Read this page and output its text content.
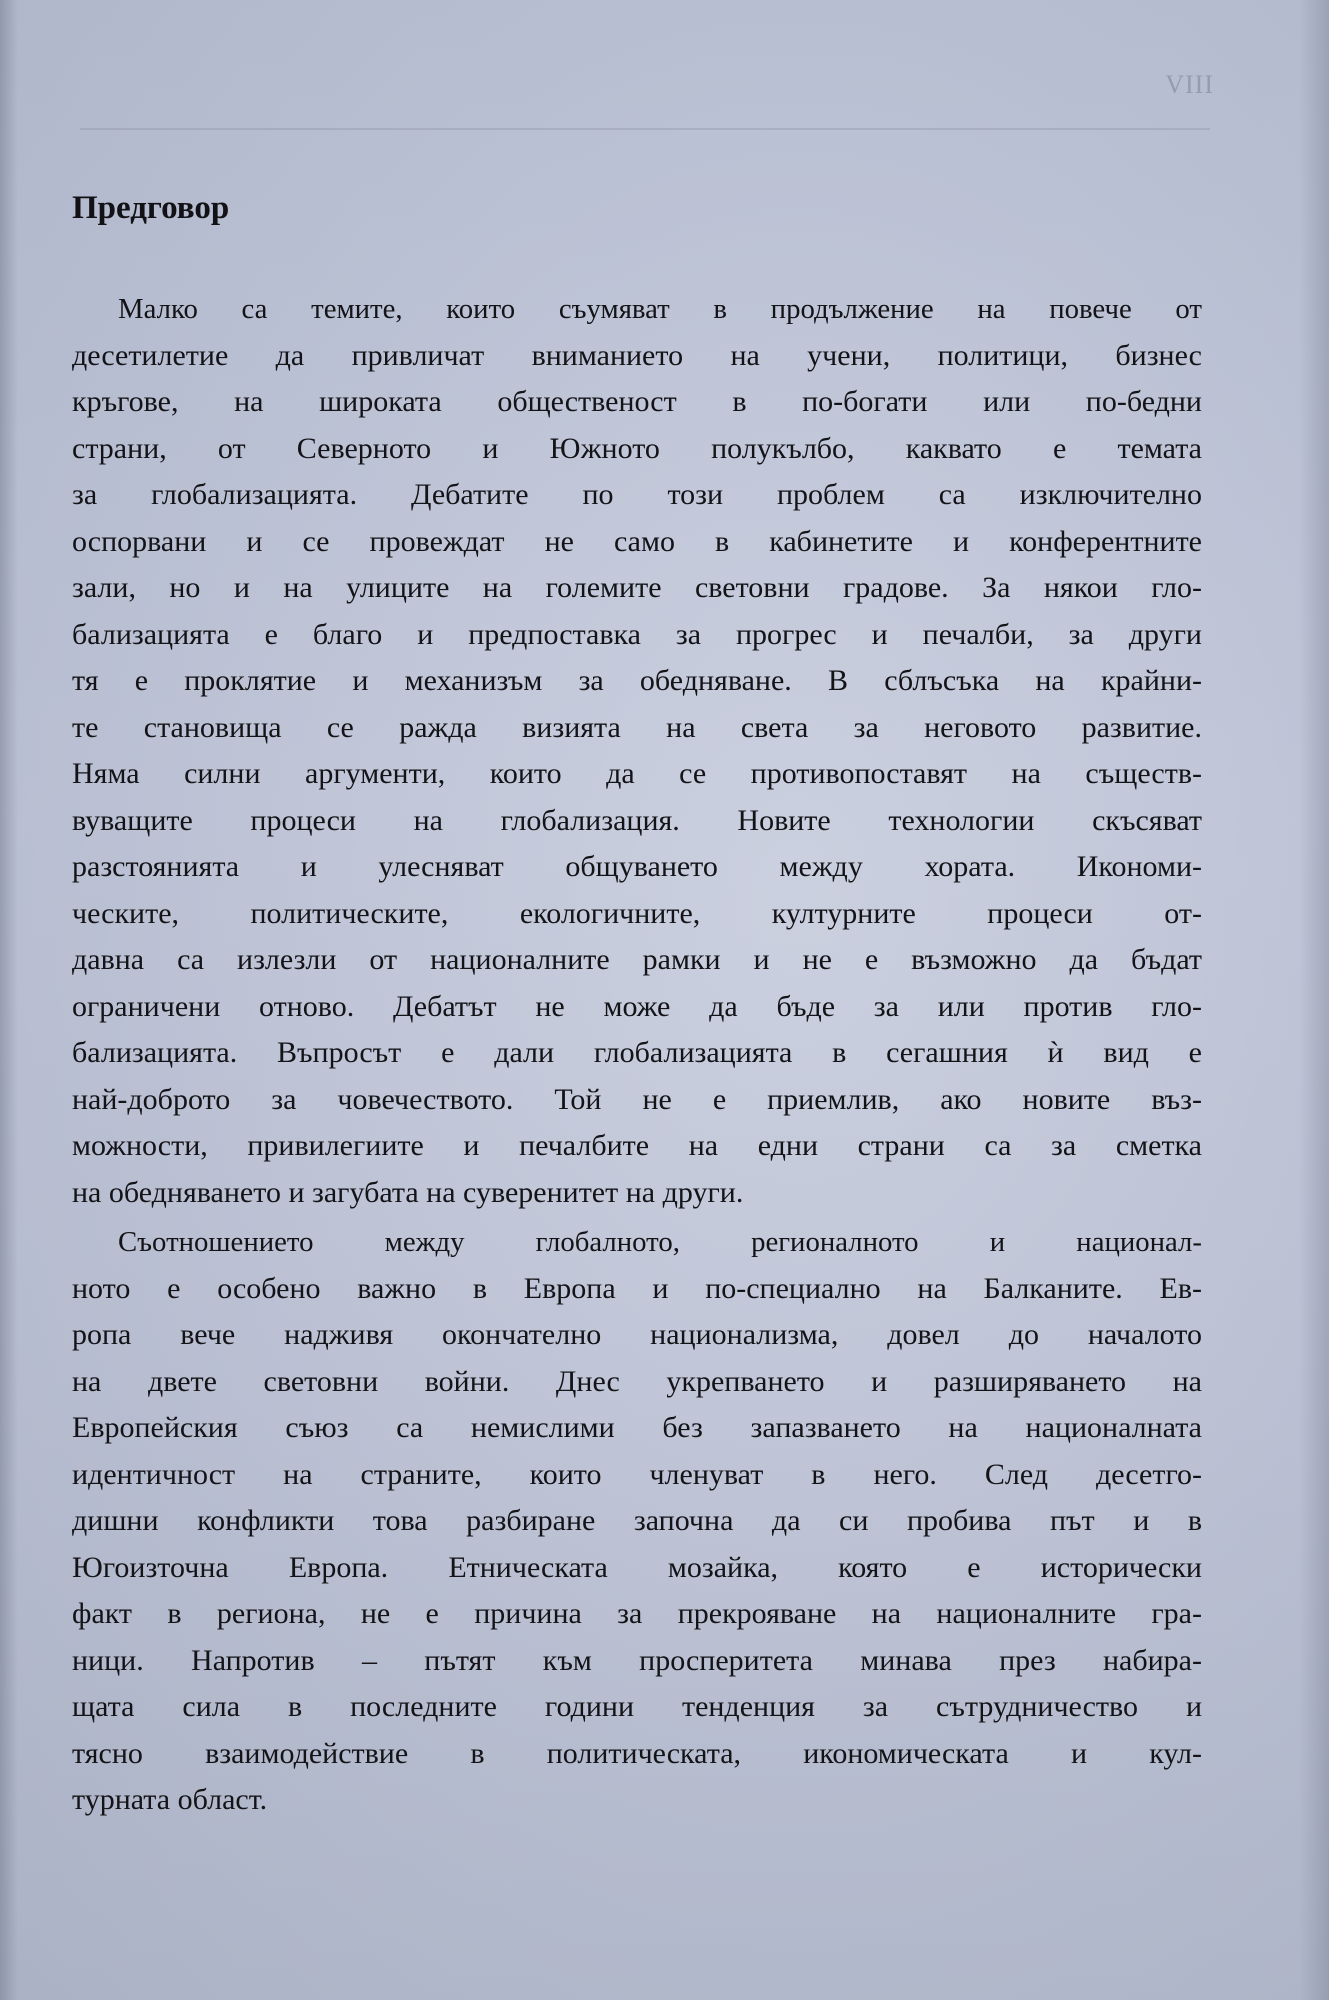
VIII
Предговор

Малко са темите, които съумяват в продължение на повече от
десетилетие да привличат вниманието на учени, политици, бизнес
кръгове, на широката общественост в по-богати или по-бедни
страни, от Северното и Южното полукълбо, каквато е темата
за глобализацията. Дебатите по този проблем са изключително
оспорвани и се провеждат не само в кабинетите и конферентните
зали, но и на улиците на големите световни градове. За някои гло-
бализацията е благо и предпоставка за прогрес и печалби, за други
тя е проклятие и механизъм за обедняване. В сблъсъка на крайни-
те становища се ражда визията на света за неговото развитие.
Няма силни аргументи, които да се противопоставят на съществ-
вуващите процеси на глобализация. Новите технологии скъсяват
разстоянията и улесняват общуването между хората. Икономи-
ческите, политическите, екологичните, културните процеси от-
давна са излезли от националните рамки и не е възможно да бъдат
ограничени отново. Дебатът не може да бъде за или против гло-
бализацията. Въпросът е дали глобализацията в сегашния ѝ вид е
най-доброто за човечеството. Той не е приемлив, ако новите въз-
можности, привилегиите и печалбите на едни страни са за сметка
на обедняването и загубата на суверенитет на други.

Съотношението между глобалното, регионалното и национал-
ното е особено важно в Европа и по-специално на Балканите. Ев-
ропа вече надживя окончателно национализма, довел до началото
на двете световни войни. Днес укрепването и разширяването на
Европейския съюз са немислими без запазването на националната
идентичност на страните, които членуват в него. След десетго-
дишни конфликти това разбиране започна да си пробива път и в
Югоизточна Европа. Етническата мозайка, която е исторически
факт в региона, не е причина за прекрояване на националните гра-
ници. Напротив – пътят към просперитета минава през набира-
щата сила в последните години тенденция за сътрудничество и
тясно взаимодействие в политическата, икономическата и кул-
турната област.
